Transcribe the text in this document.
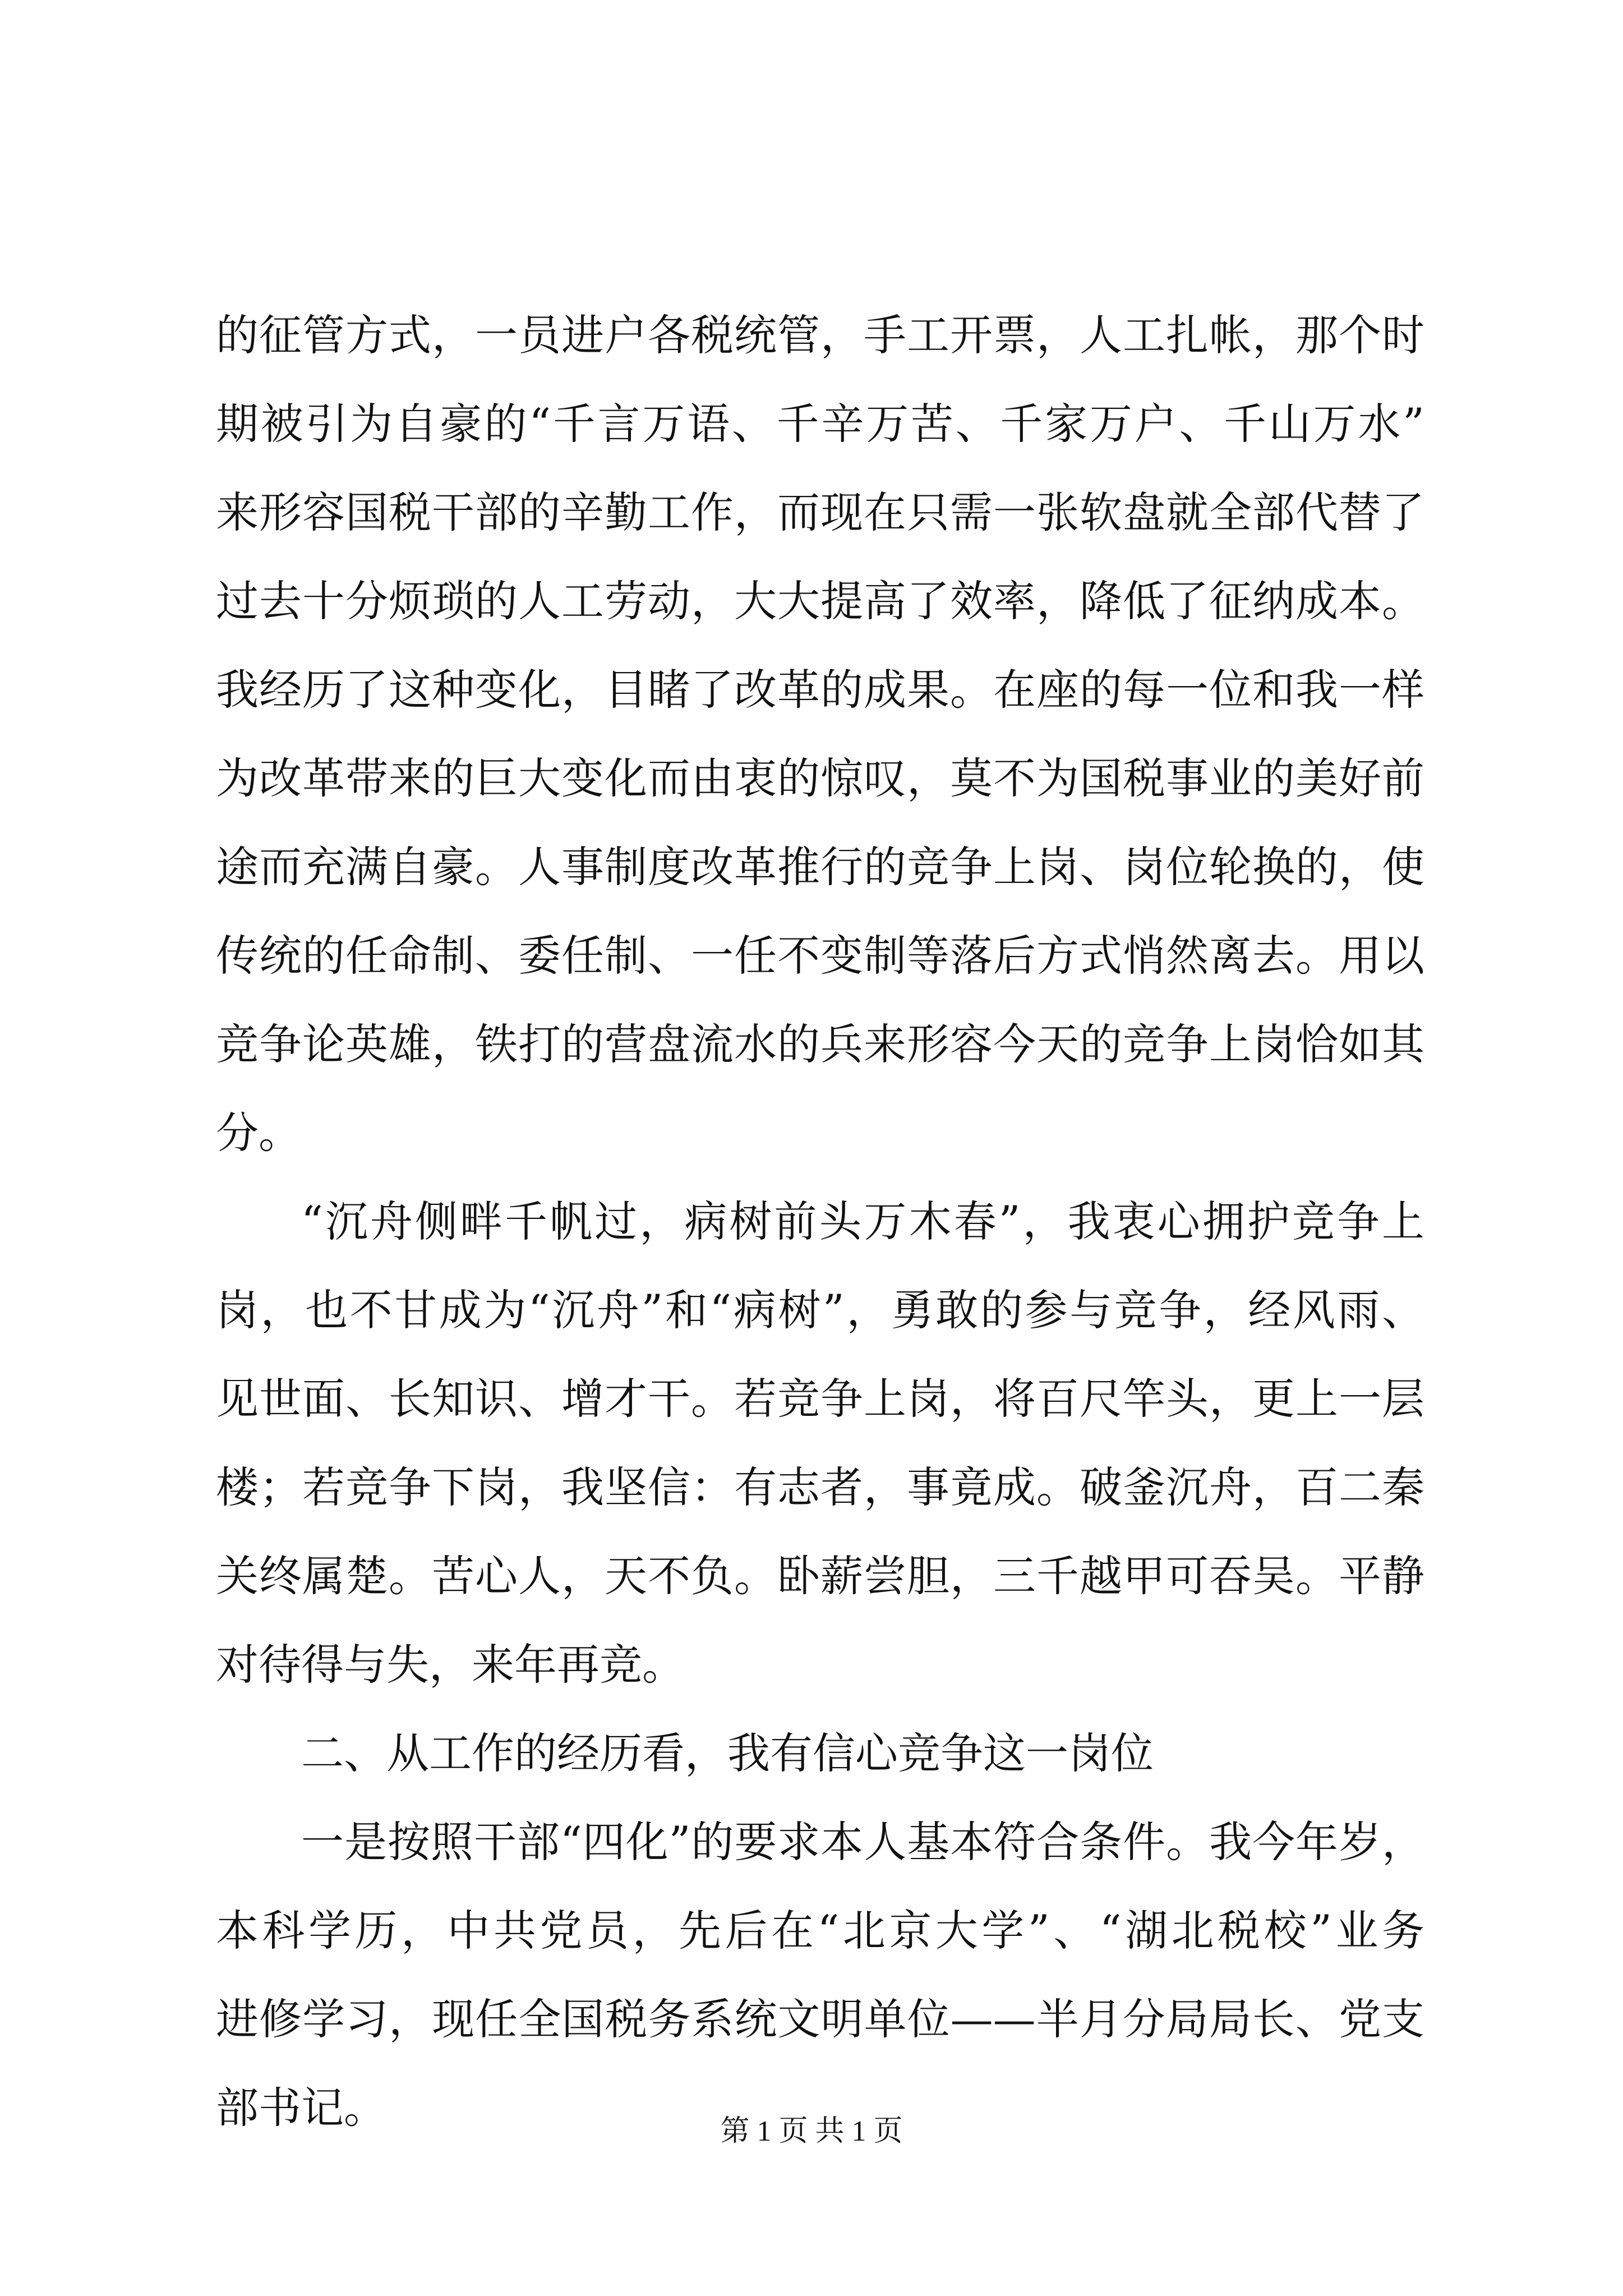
的征管方式，一员进户各税统管，手工开票，人工扎帐，那个时
期被引为自豪的“千言万语、千辛万苦、千家万户、千山万水”
来形容国税干部的辛勤工作，而现在只需一张软盘就全部代替了
过去十分烦琐的人工劳动，大大提高了效率，降低了征纳成本。
我经历了这种变化，目睹了改革的成果。在座的每一位和我一样
为改革带来的巨大变化而由衷的惊叹，莫不为国税事业的美好前
途而充满自豪。人事制度改革推行的竞争上岗、岗位轮换的，使
传统的任命制、委任制、一任不变制等落后方式悄然离去。用以
竞争论英雄，铁打的营盘流水的兵来形容今天的竞争上岗恰如其
分。
“沉舟侧畔千帆过，病树前头万木春”，我衷心拥护竞争上
岗，也不甘成为“沉舟”和“病树”，勇敢的参与竞争，经风雨、
见世面、长知识、增才干。若竞争上岗，将百尺竿头，更上一层
楼；若竞争下岗，我坚信：有志者，事竟成。破釜沉舟，百二秦
关终属楚。苦心人，天不负。卧薪尝胆，三千越甲可吞吴。平静
对待得与失，来年再竞。
二、从工作的经历看，我有信心竞争这一岗位
一是按照干部“四化”的要求本人基本符合条件。我今年岁，
本科学历，中共党员，先后在“北京大学”、“湖北税校”业务
进修学习，现任全国税务系统文明单位——半月分局局长、党支
部书记。	第 1 页 共 1 页
